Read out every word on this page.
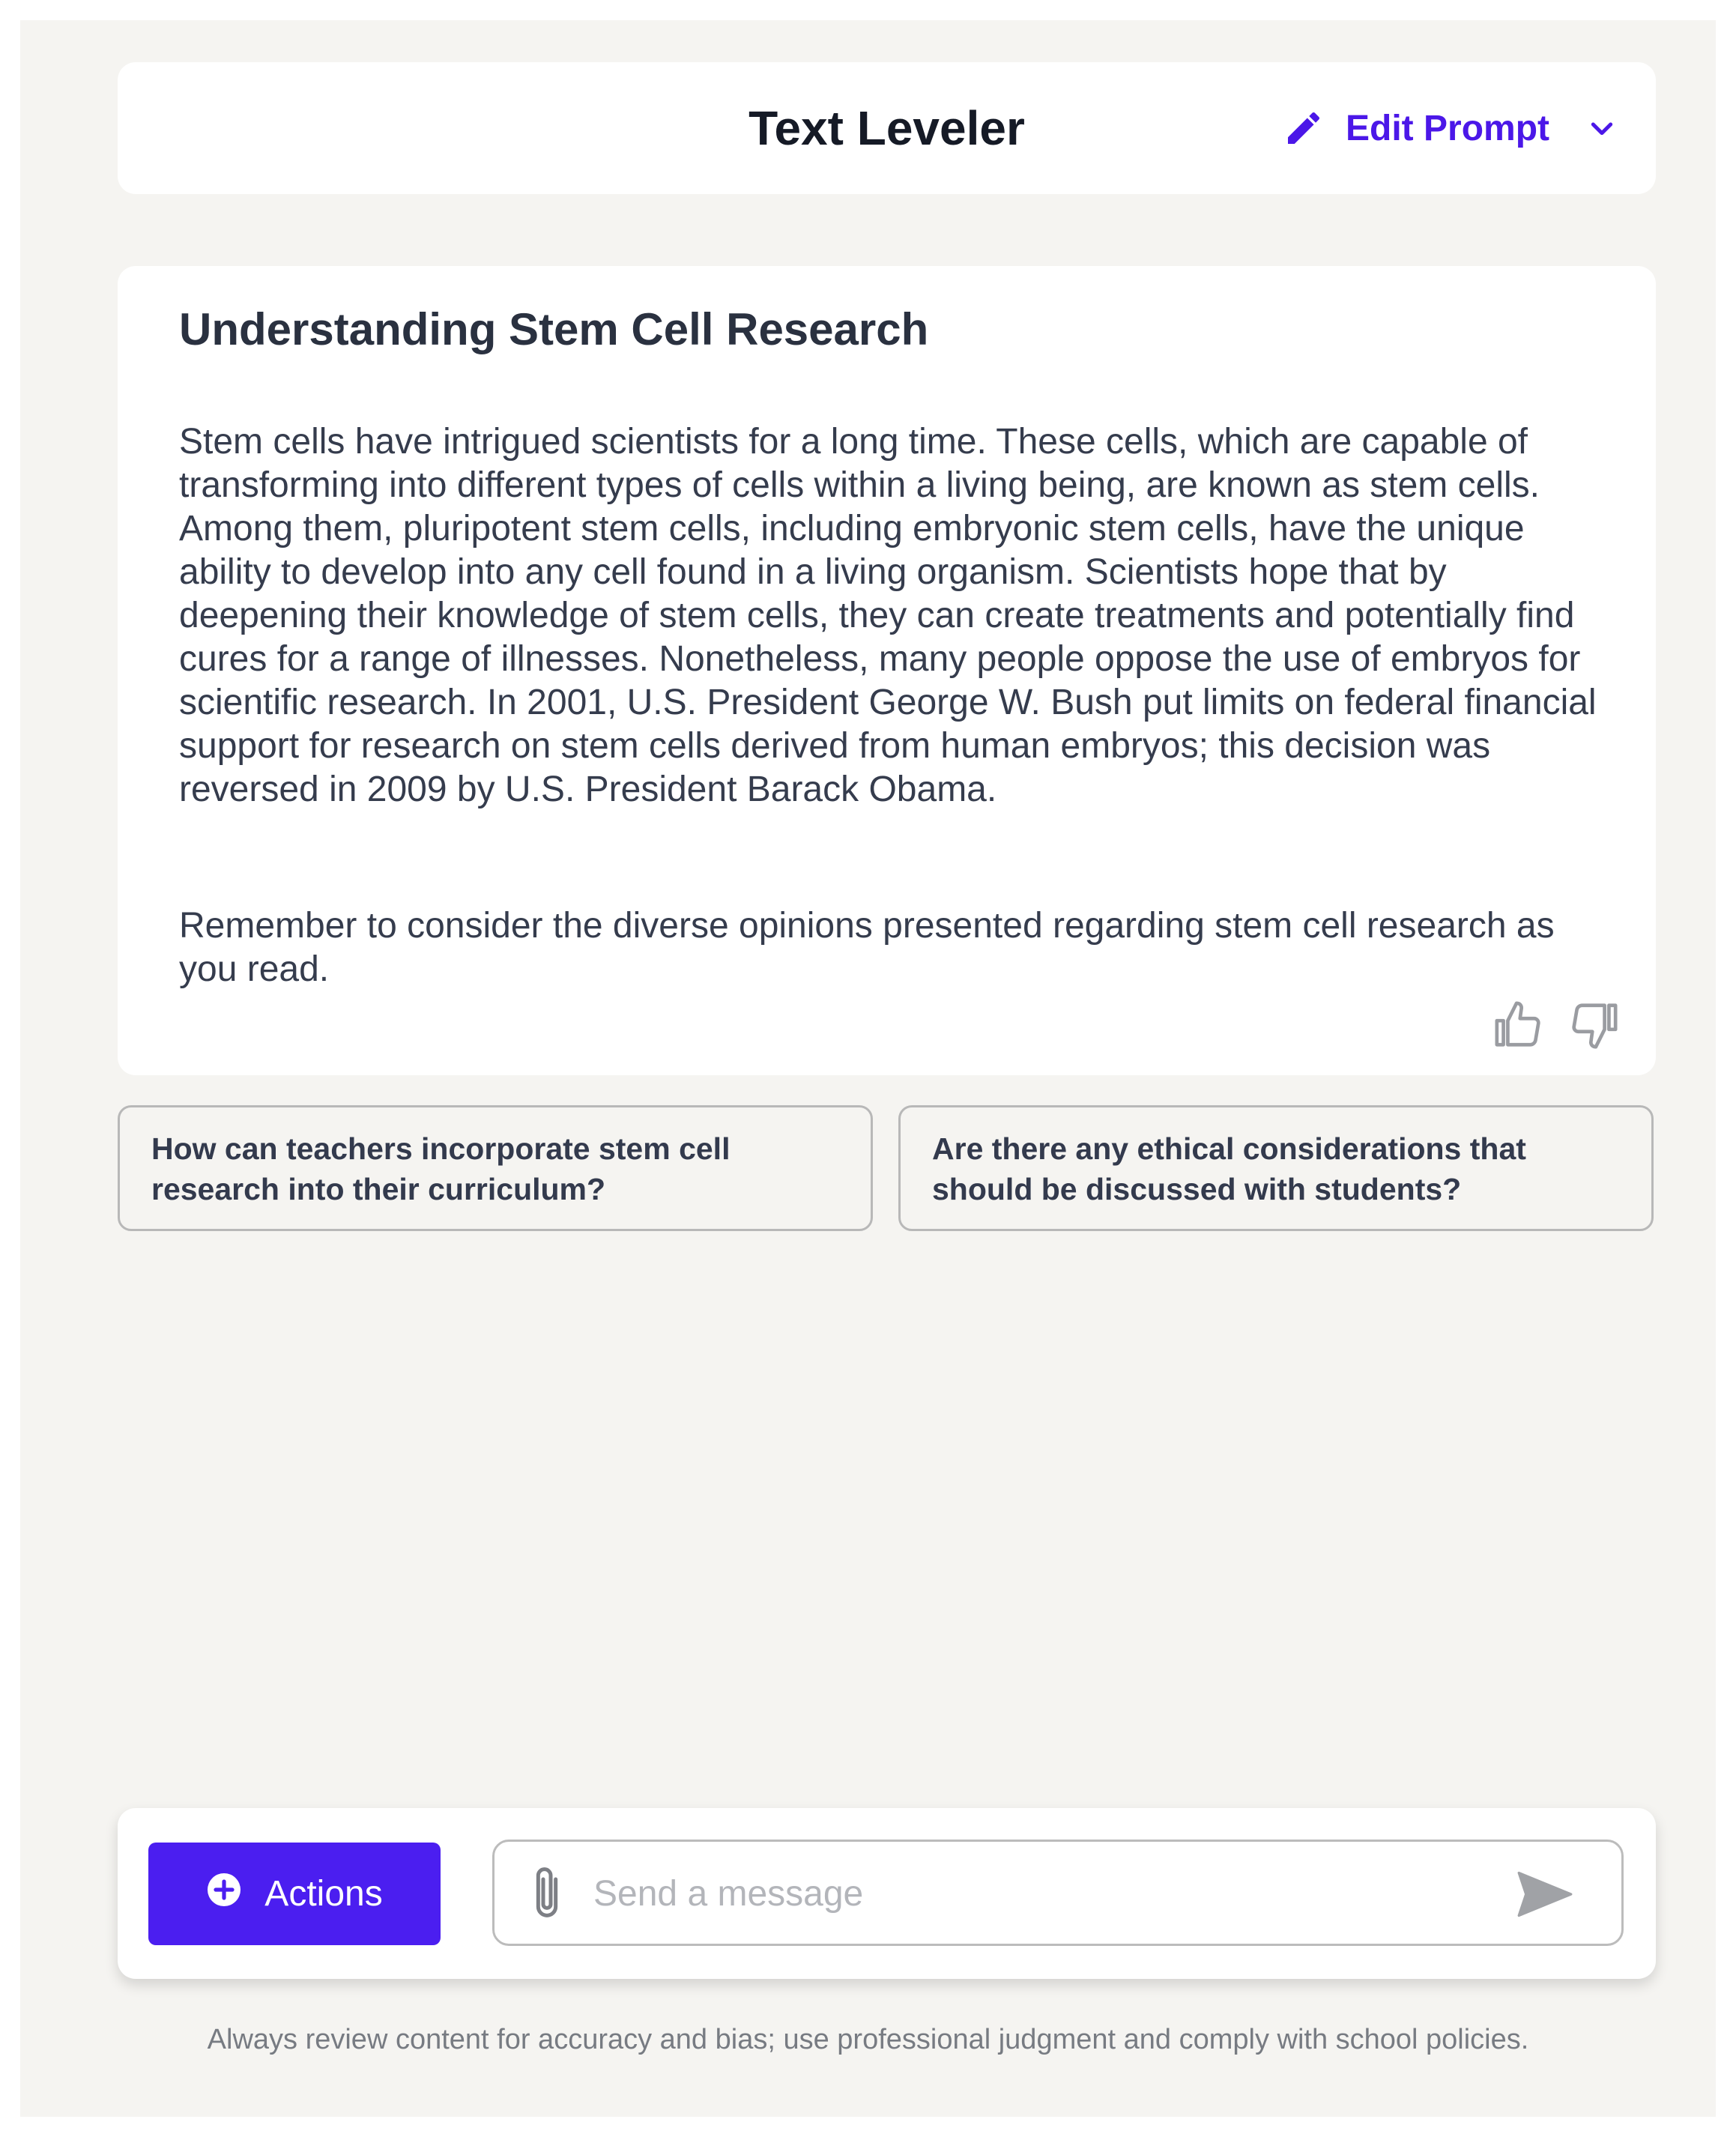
Text Leveler	Edit Prompt
Understanding Stem Cell Research

Stem cells have intrigued scientists for a long time. These cells, which are capable of transforming into different types of cells within a living being, are known as stem cells. Among them, pluripotent stem cells, including embryonic stem cells, have the unique ability to develop into any cell found in a living organism. Scientists hope that by deepening their knowledge of stem cells, they can create treatments and potentially find cures for a range of illnesses. Nonetheless, many people oppose the use of embryos for scientific research. In 2001, U.S. President George W. Bush put limits on federal financial support for research on stem cells derived from human embryos; this decision was reversed in 2009 by U.S. President Barack Obama.

Remember to consider the diverse opinions presented regarding stem cell research as you read.

How can teachers incorporate stem cell research into their curriculum?
Are there any ethical considerations that should be discussed with students?
Actions
Send a message
Always review content for accuracy and bias; use professional judgment and comply with school policies.
